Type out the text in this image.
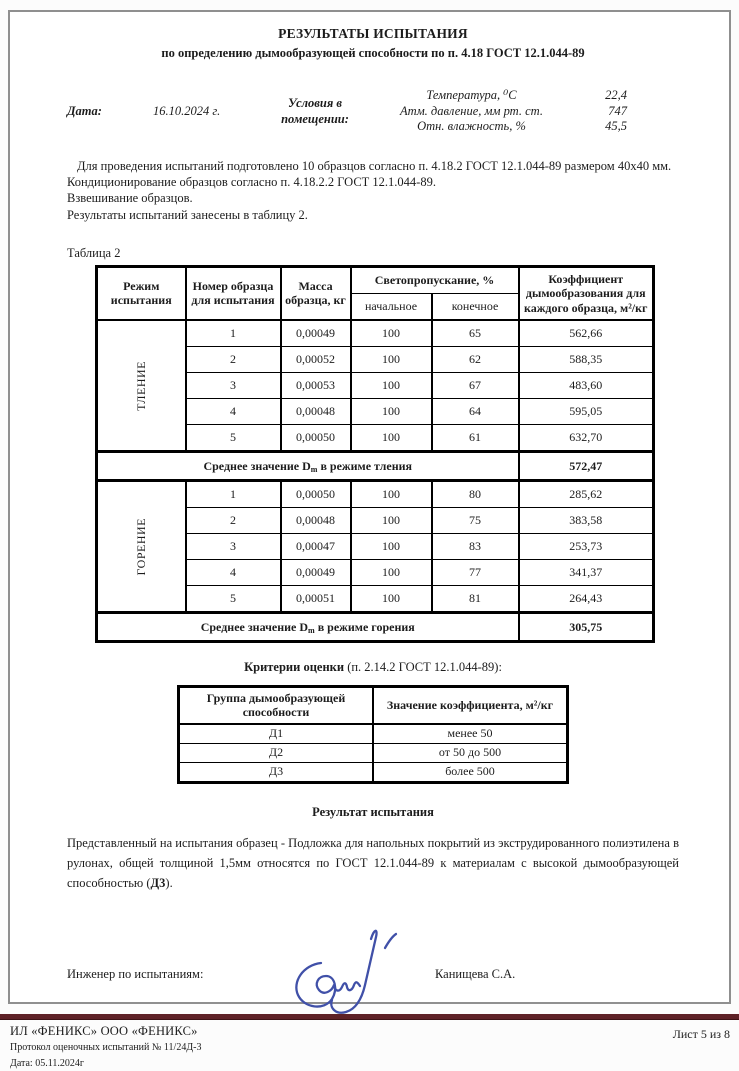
РЕЗУЛЬТАТЫ ИСПЫТАНИЯ
по определению дымообразующей способности по п. 4.18 ГОСТ 12.1.044-89
Дата:	16.10.2024 г.
Условия в помещении:
Температура, ⁰С	22,4
Атм. давление, мм рт. ст.	747
Отн. влажность, %	45,5
Для проведения испытаний подготовлено 10 образцов согласно п. 4.18.2 ГОСТ 12.1.044-89 размером 40х40 мм.
Кондиционирование образцов согласно п. 4.18.2.2 ГОСТ 12.1.044-89.
Взвешивание образцов.
Результаты испытаний занесены в таблицу 2.
Таблица 2
Режим испытания	Номер образца для испытания	Масса образца, кг	Светопропускание, %		Коэффициент дымообразования для каждого образца, м²/кг
			начальное	конечное	

ТЛЕНИЕ	1	0,00049	100	65	562,66
	2	0,00052	100	62	588,35
	3	0,00053	100	67	483,60
	4	0,00048	100	64	595,05
	5	0,00050	100	61	632,70
Среднее значение $D_m$ в режиме тления					572,47

ГОРЕНИЕ	1	0,00050	100	80	285,62
	2	0,00048	100	75	383,58
	3	0,00047	100	83	253,73
	4	0,00049	100	77	341,37
	5	0,00051	100	81	264,43
Среднее значение $D_m$ в режиме горения					305,75
Критерии оценки (п. 2.14.2 ГОСТ 12.1.044-89):
Группа дымообразующей способности	Значение коэффициента, м²/кг
Д1	менее 50
Д2	от 50 до 500
Д3	более 500
Результат испытания
Представленный на испытания образец - Подложка для напольных покрытий из экструдированного полиэтилена в рулонах, общей толщиной 1,5мм относятся по ГОСТ 12.1.044-89 к материалам с высокой дымообразующей способностью (Д3).
Инженер по испытаниям:	Канищева С.А.
ИЛ «ФЕНИКС» ООО «ФЕНИКС»
Протокол оценочных испытаний № 11/24Д-3
Дата: 05.11.2024г
Лист 5 из 8
